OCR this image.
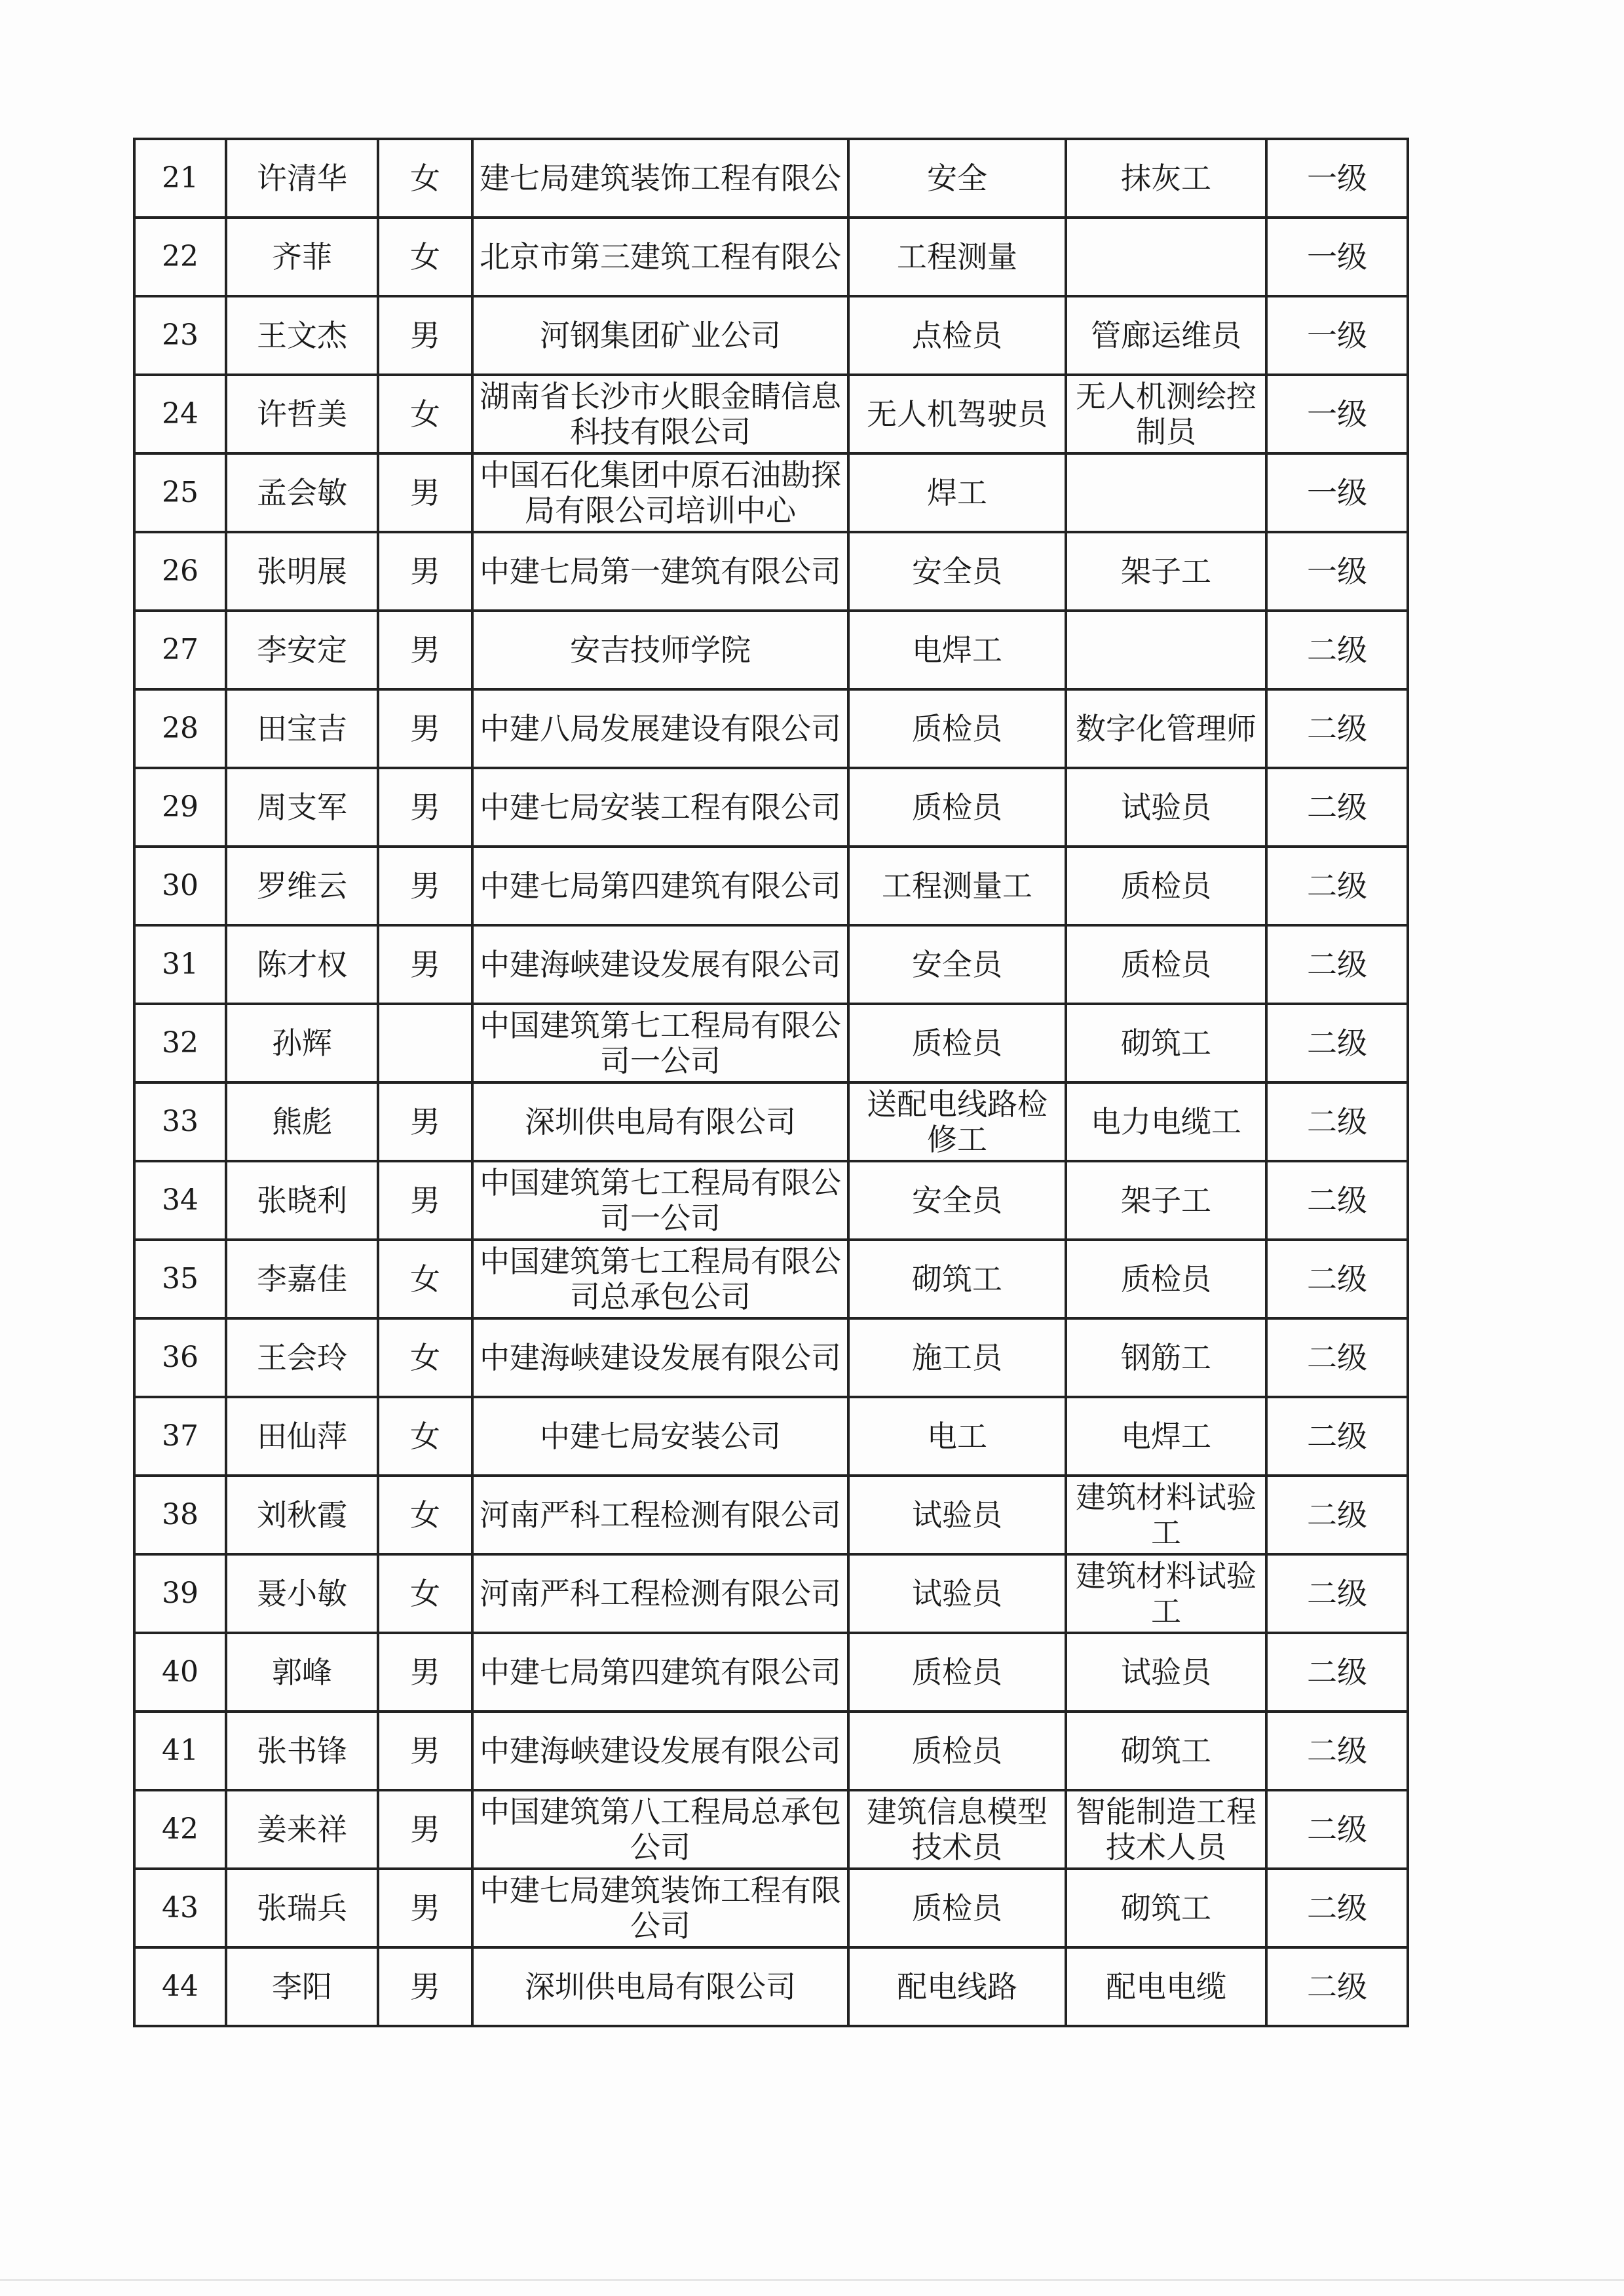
21	许清华	女	建七局建筑装饰工程有限公	安全	抹灰工	一级
22	齐菲	女	北京市第三建筑工程有限公	工程测量		一级
23	王文杰	男	河钢集团矿业公司	点检员	管廊运维员	一级
24	许哲美	女	湖南省长沙市火眼金睛信息科技有限公司	无人机驾驶员	无人机测绘控制员	一级
25	孟会敏	男	中国石化集团中原石油勘探局有限公司培训中心	焊工		一级
26	张明展	男	中建七局第一建筑有限公司	安全员	架子工	一级
27	李安定	男	安吉技师学院	电焊工		二级
28	田宝吉	男	中建八局发展建设有限公司	质检员	数字化管理师	二级
29	周支军	男	中建七局安装工程有限公司	质检员	试验员	二级
30	罗维云	男	中建七局第四建筑有限公司	工程测量工	质检员	二级
31	陈才权	男	中建海峡建设发展有限公司	安全员	质检员	二级
32	孙辉		中国建筑第七工程局有限公司一公司	质检员	砌筑工	二级
33	熊彪	男	深圳供电局有限公司	送配电线路检修工	电力电缆工	二级
34	张晓利	男	中国建筑第七工程局有限公司一公司	安全员	架子工	二级
35	李嘉佳	女	中国建筑第七工程局有限公司总承包公司	砌筑工	质检员	二级
36	王会玲	女	中建海峡建设发展有限公司	施工员	钢筋工	二级
37	田仙萍	女	中建七局安装公司	电工	电焊工	二级
38	刘秋霞	女	河南严科工程检测有限公司	试验员	建筑材料试验工	二级
39	聂小敏	女	河南严科工程检测有限公司	试验员	建筑材料试验工	二级
40	郭峰	男	中建七局第四建筑有限公司	质检员	试验员	二级
41	张书锋	男	中建海峡建设发展有限公司	质检员	砌筑工	二级
42	姜来祥	男	中国建筑第八工程局总承包公司	建筑信息模型技术员	智能制造工程技术人员	二级
43	张瑞兵	男	中建七局建筑装饰工程有限公司	质检员	砌筑工	二级
44	李阳	男	深圳供电局有限公司	配电线路	配电电缆	二级
